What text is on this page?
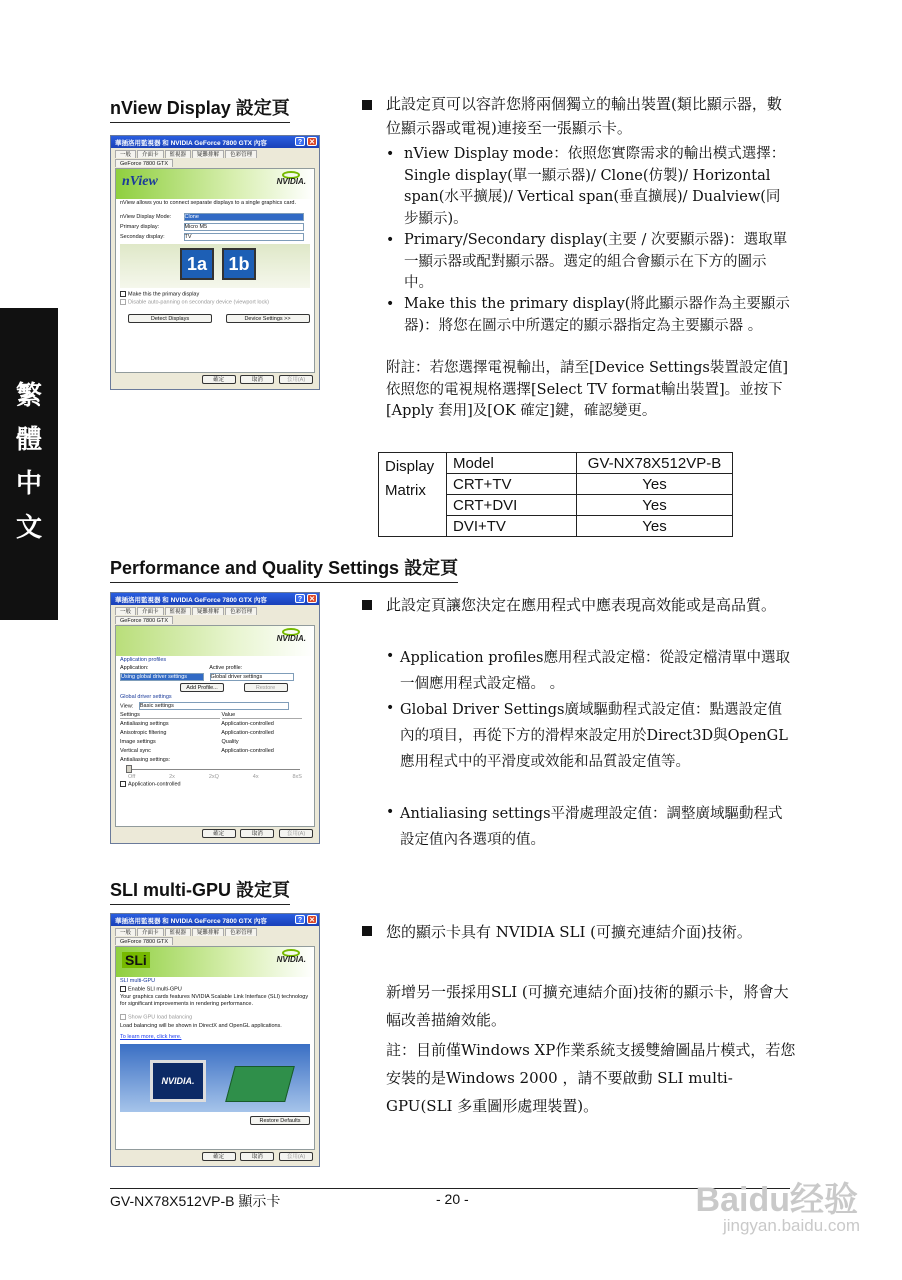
繁
體
中
文
nView Display 設定頁
華插洛用監視器 和 NVIDIA GeForce 7800 GTX 內容	? ✕
一般	介面卡	監視器	疑難排解	色彩管理
GeForce 7800 GTX
nView	NVIDIA.
nView allows you to connect separate displays to a single graphics card.
nView Display Mode: Clone
Primary display:	Micro M5
Seconday display:	TV
1a	1b
Make this the primary display
Disable auto-panning on secondary device (viewport lock)
Detect Displays	Device Settings >>
確定	取消	套用(A)
此設定頁可以容許您將兩個獨立的輸出裝置(類比顯示器，數位顯示器或電視)連接至一張顯示卡。
• nView Display mode：依照您實際需求的輸出模式選擇：Single display(單一顯示器)/ Clone(仿製)/ Horizontal span(水平擴展)/ Vertical span(垂直擴展)/ Dualview(同步顯示)。
• Primary/Secondary display(主要 / 次要顯示器)：選取單一顯示器或配對顯示器。選定的組合會顯示在下方的圖示中。
• Make this the primary display(將此顯示器作為主要顯示器)：將您在圖示中所選定的顯示器指定為主要顯示器 。
附註：若您選擇電視輸出，請至[Device Settings裝置設定值]依照您的電視規格選擇[Select TV format輸出裝置]。並按下[Apply 套用]及[OK 確定]鍵，確認變更。
Display
Matrix	Model	GV-NX78X512VP-B
	CRT+TV	Yes
	CRT+DVI	Yes
	DVI+TV	Yes
Performance and Quality Settings 設定頁
華插洛用監視器 和 NVIDIA GeForce 7800 GTX 內容	? ✕
一般	介面卡	監視器	疑難排解	色彩管理
GeForce 7800 GTX
NVIDIA.
Application profiles
Application:	Active profile:
Using global driver settings	Global driver settings
Add Profile...	Restore
Global driver settings
View: Basic settings
Settings	Value
Antialiasing settings	Application-controlled
Anisotropic filtering	Application-controlled
Image settings	Quality
Vertical sync	Application-controlled
Antialiasing settings:
Off	2x	2xQ	4x	8xS
Application-controlled
確定	取消	套用(A)
此設定頁讓您決定在應用程式中應表現高效能或是高品質。
• Application profiles應用程式設定檔：從設定檔清單中選取一個應用程式設定檔。 。
• Global Driver Settings廣域驅動程式設定值：點選設定值內的項目，再從下方的滑桿來設定用於Direct3D與OpenGL應用程式中的平滑度或效能和品質設定值等。
• Antialiasing settings平滑處理設定值：調整廣域驅動程式設定值內各選項的值。
SLI multi-GPU 設定頁
華插洛用監視器 和 NVIDIA GeForce 7800 GTX 內容	? ✕
一般	介面卡	監視器	疑難排解	色彩管理
GeForce 7800 GTX
SLi	NVIDIA.
SLI multi-GPU
Enable SLI multi-GPU
Your graphics cards features NVIDIA Scalable Link Interface (SLI) technology for significant improvements in rendering performance.
Show GPU load balancing
Load balancing will be shown in DirectX and OpenGL applications.
To learn more, click here.
NVIDIA.
Restore Defaults
確定	取消	套用(A)
您的顯示卡具有 NVIDIA SLI (可擴充連結介面)技術。
新增另一張採用SLI (可擴充連結介面)技術的顯示卡，將會大幅改善描繪效能。
註：目前僅Windows XP作業系統支援雙繪圖晶片模式，若您安裝的是Windows 2000 ，請不要啟動 SLI multi-GPU(SLI 多重圖形處理裝置)。
GV-NX78X512VP-B 顯示卡	- 20 -	Baidu经验
jingyan.baidu.com
